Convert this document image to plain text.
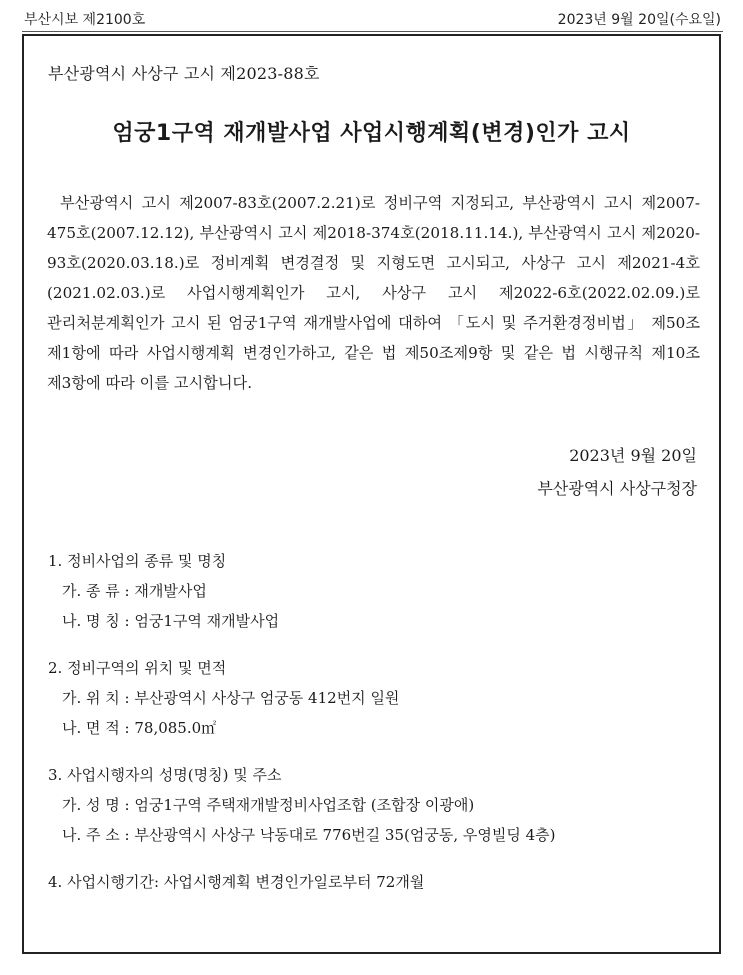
부산시보 제2100호	2023년 9월 20일(수요일)
부산광역시 사상구 고시 제2023-88호
엄궁1구역 재개발사업 사업시행계획(변경)인가 고시

부산광역시 고시 제2007-83호(2007.2.21)로 정비구역 지정되고, 부산광역시 고시 제2007-475호(2007.12.12), 부산광역시 고시 제2018-374호(2018.11.14.), 부산광역시 고시 제2020-93호(2020.03.18.)로 정비계획 변경결정 및 지형도면 고시되고, 사상구 고시 제2021-4호(2021.02.03.)로 사업시행계획인가 고시, 사상구 고시 제2022-6호(2022.02.09.)로 관리처분계획인가 고시 된 엄궁1구역 재개발사업에 대하여 「도시 및 주거환경정비법」 제50조 제1항에 따라 사업시행계획 변경인가하고, 같은 법 제50조제9항 및 같은 법 시행규칙 제10조 제3항에 따라 이를 고시합니다.

2023년 9월 20일
부산광역시 사상구청장
1. 정비사업의 종류 및 명칭
가. 종 류 : 재개발사업
나. 명 칭 : 엄궁1구역 재개발사업
2. 정비구역의 위치 및 면적
가. 위 치 : 부산광역시 사상구 엄궁동 412번지 일원
나. 면 적 : 78,085.0㎡
3. 사업시행자의 성명(명칭) 및 주소
가. 성 명 : 엄궁1구역 주택재개발정비사업조합 (조합장 이광애)
나. 주 소 : 부산광역시 사상구 낙동대로 776번길 35(엄궁동, 우영빌딩 4층)
4. 사업시행기간: 사업시행계획 변경인가일로부터 72개월
